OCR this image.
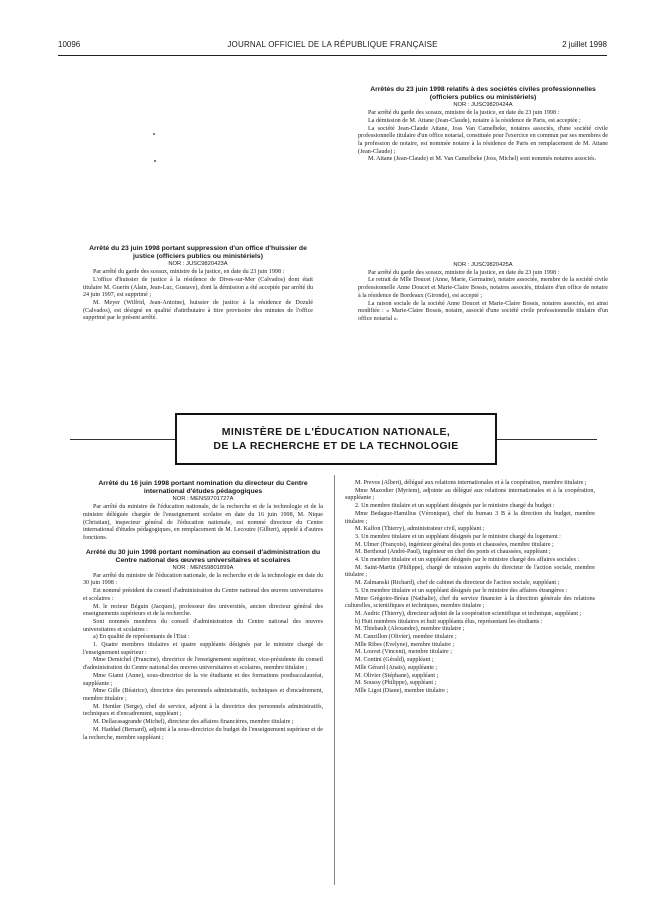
10096	JOURNAL OFFICIEL DE LA RÉPUBLIQUE FRANÇAISE	2 juillet 1998

Arrêtés du 23 juin 1998 relatifs à des sociétés civiles professionnelles (officiers publics ou ministériels)

NOR : JUSC9820424A

Par arrêté du garde des sceaux, ministre de la justice, en date du 23 juin 1998 :

La démission de M. Attane (Jean-Claude), notaire à la résidence de Paris, est acceptée ;

La société Jean-Claude Attane, Joss Van Camelbeke, notaires associés, d'une société civile professionnelle titulaire d'un office notarial, constituée pour l'exercice en commun par ses membres de la profession de notaire, est nommée notaire à la résidence de Paris en remplacement de M. Attane (Jean-Claude) ;

M. Attane (Jean-Claude) et M. Van Camelbeke (Joss, Michel) sont nommés notaires associés.

Arrêté du 23 juin 1998 portant suppression d'un office d'huissier de justice (officiers publics ou ministériels)

NOR : JUSC9820423A

Par arrêté du garde des sceaux, ministre de la justice, en date du 23 juin 1998 :

L'office d'huissier de justice à la résidence de Dives-sur-Mer (Calvados) dont était titulaire M. Guerin (Alain, Jean-Luc, Gustave), dont la démission a été acceptée par arrêté du 24 juin 1997, est supprimé ;

M. Meyer (Wilfrid, Jean-Antoine), huissier de justice à la résidence de Dozulé (Calvados), est désigné en qualité d'attributaire à titre provisoire des minutes de l'office supprimé par le présent arrêté.

NOR : JUSC9820425A

Par arrêté du garde des sceaux, ministre de la justice, en date du 23 juin 1998 :

Le retrait de Mlle Doucet (Anne, Marie, Germaine), notaire associée, membre de la société civile professionnelle Anne Doucet et Marie-Claire Bossis, notaires associés, titulaire d'un office de notaire à la résidence de Bordeaux (Gironde), est accepté ;

La raison sociale de la société Anne Doucet et Marie-Claire Bossis, notaires associés, est ainsi modifiée : « Marie-Claire Bossis, notaire, associé d'une société civile professionnelle titulaire d'un office notarial ».

MINISTÈRE DE L'ÉDUCATION NATIONALE,
DE LA RECHERCHE ET DE LA TECHNOLOGIE

Arrêté du 16 juin 1998 portant nomination du directeur du Centre international d'études pédagogiques

NOR : MENS9701727A

Par arrêté du ministre de l'éducation nationale, de la recherche et de la technologie et de la ministre déléguée chargée de l'enseignement scolaire en date du 16 juin 1998, M. Nique (Christian), inspecteur général de l'éducation nationale, est nommé directeur du Centre international d'études pédagogiques, en remplacement de M. Lecoutre (Gilbert), appelé à d'autres fonctions.

Arrêté du 30 juin 1998 portant nomination au conseil d'administration du Centre national des œuvres universitaires et scolaires

NOR : MENS9801899A

Par arrêté du ministre de l'éducation nationale, de la recherche et de la technologie en date du 30 juin 1998 :

Est nommé président du conseil d'administration du Centre national des œuvres universitaires et scolaires :

M. le recteur Béguin (Jacques), professeur des universités, ancien directeur général des enseignements supérieurs et de la recherche.

Sont nommés membres du conseil d'administration du Centre national des œuvres universitaires et scolaires :

a) En qualité de représentants de l'Etat :

1. Quatre membres titulaires et quatre suppléants désignés par le ministre chargé de l'enseignement supérieur :

Mme Demichel (Francine), directrice de l'enseignement supérieur, vice-présidente du conseil d'administration du Centre national des œuvres universitaires et scolaires, membre titulaire ;

Mme Giami (Anne), sous-directrice de la vie étudiante et des formations postbaccalauréat, suppléante ;

Mme Gille (Béatrice), directrice des personnels administratifs, techniques et d'encadrement, membre titulaire ;

M. Hentler (Serge), chef de service, adjoint à la directrice des personnels administratifs, techniques et d'encadrement, suppléant ;

M. Dellacasagrande (Michel), directeur des affaires financières, membre titulaire ;

M. Haddad (Bernard), adjoint à la sous-directrice du budget de l'enseignement supérieur et de la recherche, membre suppléant ;

M. Prevos (Albert), délégué aux relations internationales et à la coopération, membre titulaire ;

Mme Mazodier (Myriem), adjointe au délégué aux relations internationales et à la coopération, suppléante ;

2. Un membre titulaire et un suppléant désignés par le ministre chargé du budget :

Mme Bedague-Hamilius (Véronique), chef du bureau 3 B à la direction du budget, membre titulaire ;

M. Kalfon (Thierry), administrateur civil, suppléant ;

3. Un membre titulaire et un suppléant désignés par le ministre chargé du logement :

M. Ulmer (François), ingénieur général des ponts et chaussées, membre titulaire ;

M. Berthoud (André-Paul), ingénieur en chef des ponts et chaussées, suppléant ;

4. Un membre titulaire et un suppléant désignés par le ministre chargé des affaires sociales :

M. Saint-Martin (Philippe), chargé de mission auprès du directeur de l'action sociale, membre titulaire ;

M. Zalmanski (Richard), chef de cabinet du directeur de l'action sociale, suppléant ;

5. Un membre titulaire et un suppléant désignés par le ministre des affaires étrangères :

Mme Grégoire-Bréau (Nathalie), chef du service financier à la direction générale des relations culturelles, scientifiques et techniques, membre titulaire ;

M. Audric (Thierry), directeur adjoint de la coopération scientifique et technique, suppléant ;

b) Huit membres titulaires et huit suppléants élus, représentant les étudiants :

M. Thiebault (Alexandre), membre titulaire ;

M. Canzillon (Olivier), membre titulaire ;

Mlle Ribes (Evelyne), membre titulaire ;

M. Louvet (Vincent), membre titulaire ;

M. Contini (Gérald), suppléant ;

Mlle Gérard (Anaïs), suppléante ;

M. Olivier (Stéphane), suppléant ;

M. Soussy (Philippe), suppléant ;

Mlle Ligot (Diane), membre titulaire ;
